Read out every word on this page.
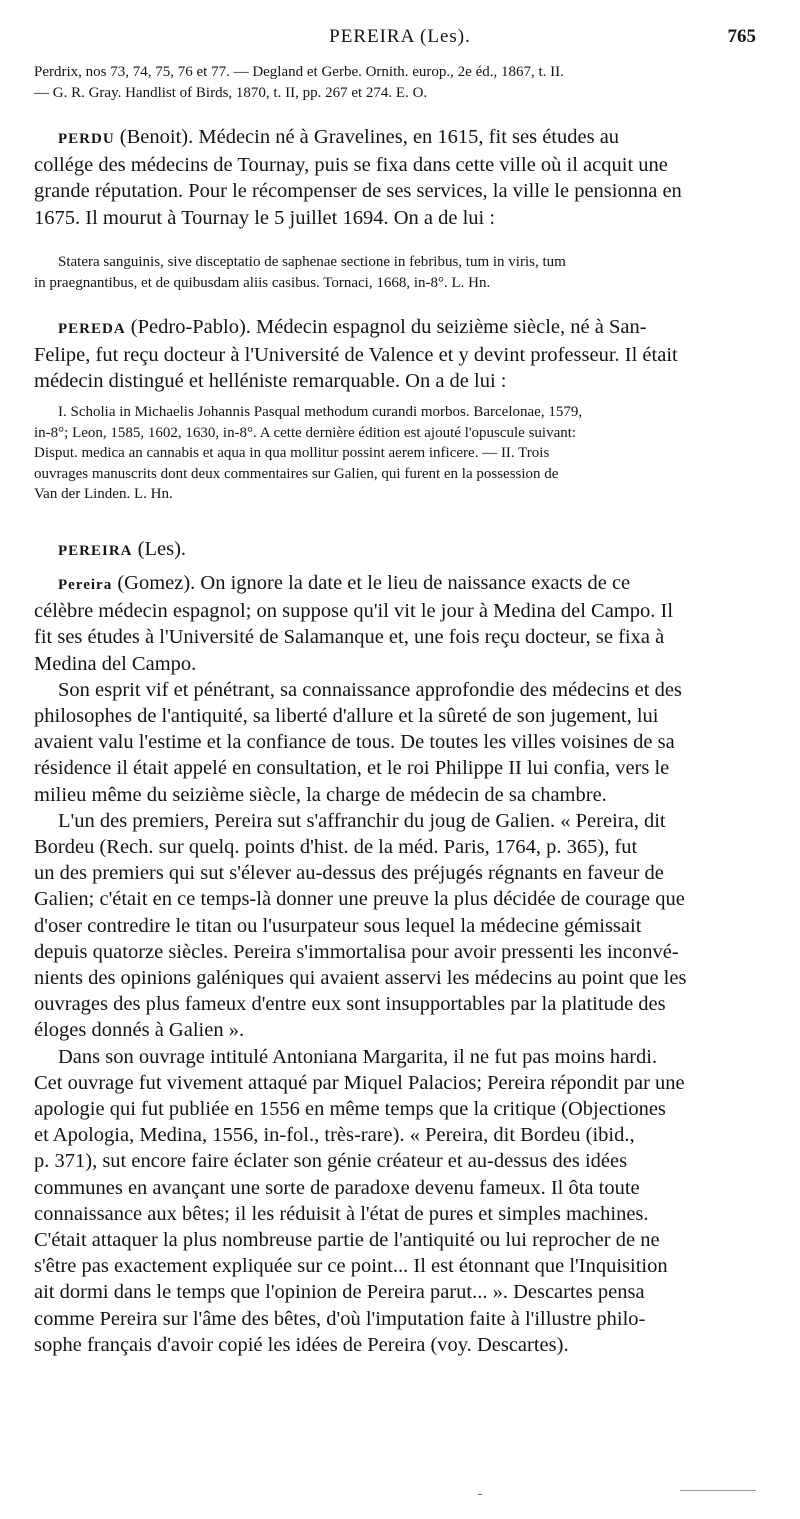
PEREIRA (Les).	765
Perdrix, nos 73, 74, 75, 76 et 77. — Degland et Gerbe. Ornith. europ., 2e éd., 1867, t. II.
— G. R. Gray. Handlist of Birds, 1870, t. II, pp. 267 et 274. E. O.
PERDU (Benoit). Médecin né à Gravelines, en 1615, fit ses études au
collége des médecins de Tournay, puis se fixa dans cette ville où il acquit une
grande réputation. Pour le récompenser de ses services, la ville le pensionna en
1675. Il mourut à Tournay le 5 juillet 1694. On a de lui :
Statera sanguinis, sive disceptatio de saphenae sectione in febribus, tum in viris, tum
in praegnantibus, et de quibusdam aliis casibus. Tornaci, 1668, in-8°. L. Hn.
PEREDA (Pedro-Pablo). Médecin espagnol du seizième siècle, né à San-
Felipe, fut reçu docteur à l'Université de Valence et y devint professeur. Il était
médecin distingué et helléniste remarquable. On a de lui :
I. Scholia in Michaelis Johannis Pasqual methodum curandi morbos. Barcelonae, 1579,
in-8°; Leon, 1585, 1602, 1630, in-8°. A cette dernière édition est ajouté l'opuscule suivant:
Disput. medica an cannabis et aqua in qua mollitur possint aerem inficere. — II. Trois
ouvrages manuscrits dont deux commentaires sur Galien, qui furent en la possession de
Van der Linden. L. Hn.
PEREIRA (Les).
Pereira (Gomez). On ignore la date et le lieu de naissance exacts de ce
célèbre médecin espagnol; on suppose qu'il vit le jour à Medina del Campo. Il
fit ses études à l'Université de Salamanque et, une fois reçu docteur, se fixa à
Medina del Campo.
Son esprit vif et pénétrant, sa connaissance approfondie des médecins et des
philosophes de l'antiquité, sa liberté d'allure et la sûreté de son jugement, lui
avaient valu l'estime et la confiance de tous. De toutes les villes voisines de sa
résidence il était appelé en consultation, et le roi Philippe II lui confia, vers le
milieu même du seizième siècle, la charge de médecin de sa chambre.
L'un des premiers, Pereira sut s'affranchir du joug de Galien. « Pereira, dit
Bordeu (Rech. sur quelq. points d'hist. de la méd. Paris, 1764, p. 365), fut
un des premiers qui sut s'élever au-dessus des préjugés régnants en faveur de
Galien; c'était en ce temps-là donner une preuve la plus décidée de courage que
d'oser contredire le titan ou l'usurpateur sous lequel la médecine gémissait
depuis quatorze siècles. Pereira s'immortalisa pour avoir pressenti les inconvé-
nients des opinions galéniques qui avaient asservi les médecins au point que les
ouvrages des plus fameux d'entre eux sont insupportables par la platitude des
éloges donnés à Galien ».
Dans son ouvrage intitulé Antoniana Margarita, il ne fut pas moins hardi.
Cet ouvrage fut vivement attaqué par Miquel Palacios; Pereira répondit par une
apologie qui fut publiée en 1556 en même temps que la critique (Objectiones
et Apologia, Medina, 1556, in-fol., très-rare). « Pereira, dit Bordeu (ibid.,
p. 371), sut encore faire éclater son génie créateur et au-dessus des idées
communes en avançant une sorte de paradoxe devenu fameux. Il ôta toute
connaissance aux bêtes; il les réduisit à l'état de pures et simples machines.
C'était attaquer la plus nombreuse partie de l'antiquité ou lui reprocher de ne
s'être pas exactement expliquée sur ce point... Il est étonnant que l'Inquisition
ait dormi dans le temps que l'opinion de Pereira parut... ». Descartes pensa
comme Pereira sur l'âme des bêtes, d'où l'imputation faite à l'illustre philo-
sophe français d'avoir copié les idées de Pereira (voy. Descartes).
